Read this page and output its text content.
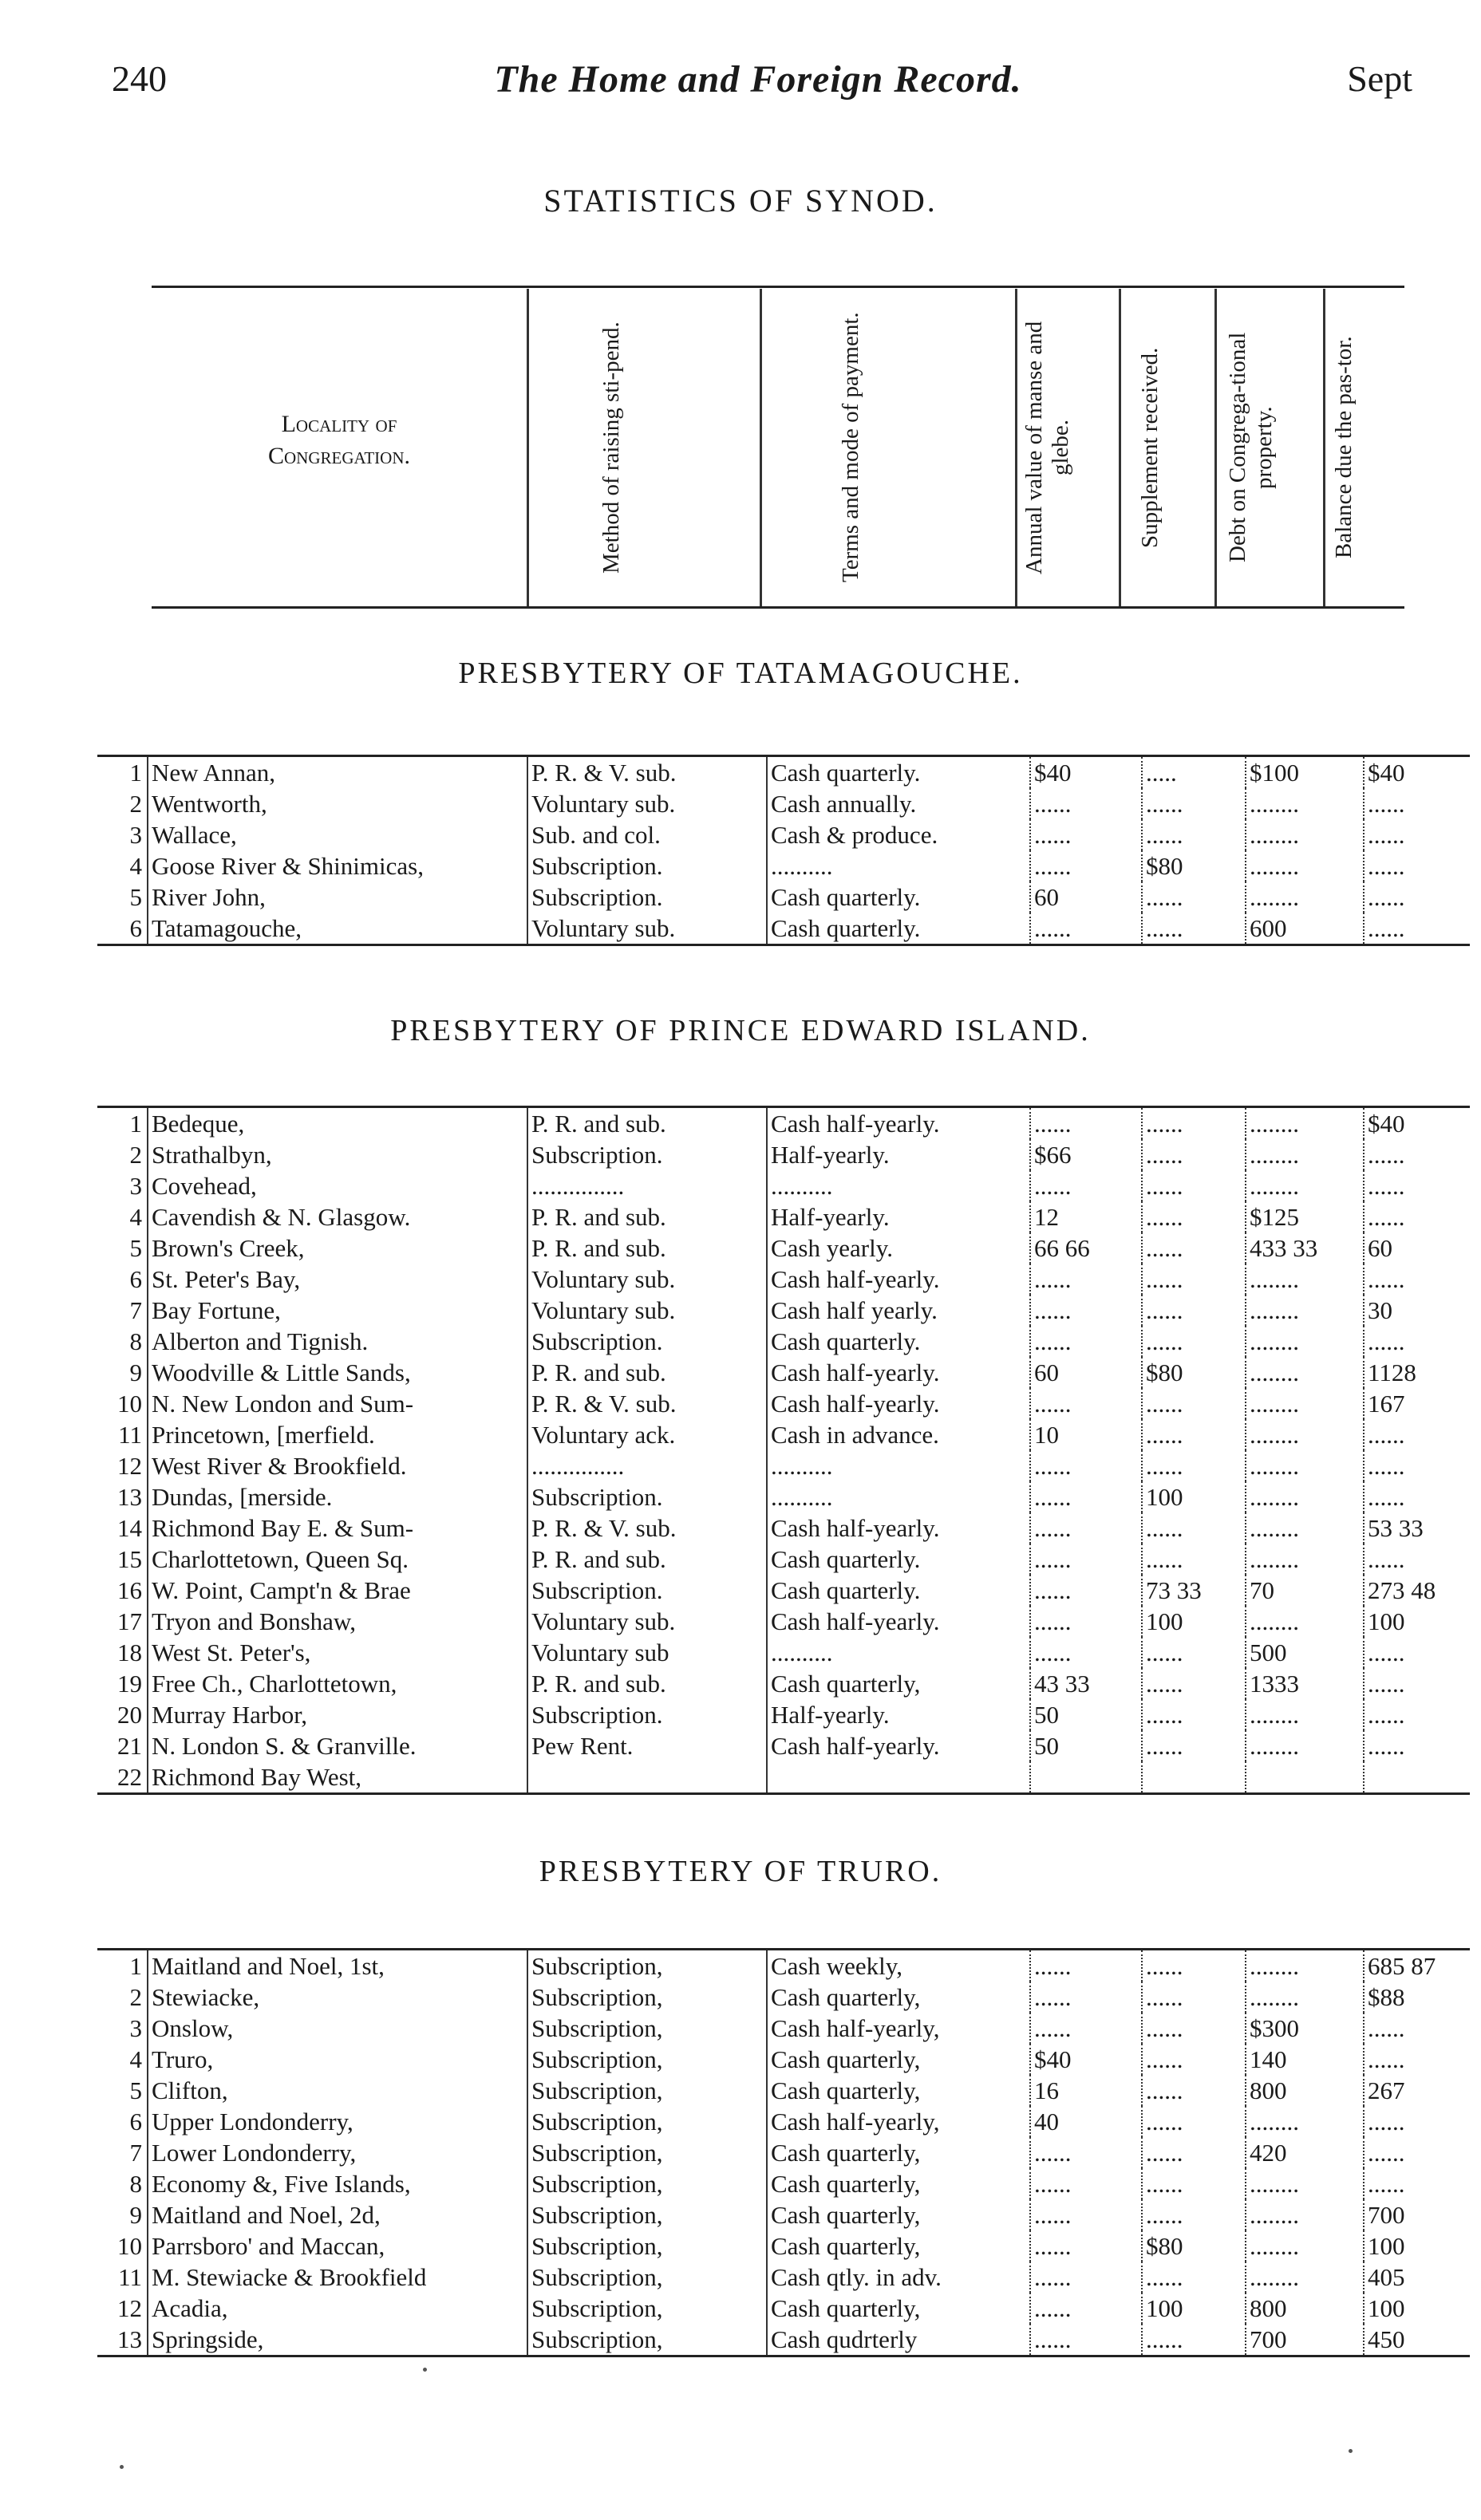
240	The Home and Foreign Record.	Sept
STATISTICS OF SYNOD.
Locality of
Congregation.	Method of raising sti-pend.	Terms and mode of payment.	Annual value of manse and glebe.	Supplement received.	Debt on Congrega-tional property.	Balance due the pas-tor.
PRESBYTERY OF TATAMAGOUCHE.
1	New Annan,	P. R. & V. sub.	Cash quarterly.	$40	.....	$100	$40
2	Wentworth,	Voluntary sub.	Cash annually.	......	......	........	......
3	Wallace,	Sub. and col.	Cash & produce.	......	......	........	......
4	Goose River & Shinimicas,	Subscription.	..........	......	$80	........	......
5	River John,	Subscription.	Cash quarterly.	60	......	........	......
6	Tatamagouche,	Voluntary sub.	Cash quarterly.	......	......	600	......
PRESBYTERY OF PRINCE EDWARD ISLAND.
1	Bedeque,	P. R. and sub.	Cash half-yearly.	......	......	........	$40
2	Strathalbyn,	Subscription.	Half-yearly.	$66	......	........	......
3	Covehead,	...............	..........	......	......	........	......
4	Cavendish & N. Glasgow.	P. R. and sub.	Half-yearly.	12	......	$125	......
5	Brown's Creek,	P. R. and sub.	Cash yearly.	66 66	......	433 33	60
6	St. Peter's Bay,	Voluntary sub.	Cash half-yearly.	......	......	........	......
7	Bay Fortune,	Voluntary sub.	Cash half yearly.	......	......	........	30
8	Alberton and Tignish.	Subscription.	Cash quarterly.	......	......	........	......
9	Woodville & Little Sands,	P. R. and sub.	Cash half-yearly.	60	$80	........	1128
10	N. New London and Sum-	P. R. & V. sub.	Cash half-yearly.	......	......	........	167
11	Princetown, [merfield.	Voluntary ack.	Cash in advance.	10	......	........	......
12	West River & Brookfield.	...............	..........	......	......	........	......
13	Dundas, [merside.	Subscription.	..........	......	100	........	......
14	Richmond Bay E. & Sum-	P. R. & V. sub.	Cash half-yearly.	......	......	........	53 33
15	Charlottetown, Queen Sq.	P. R. and sub.	Cash quarterly.	......	......	........	......
16	W. Point, Campt'n & Brae	Subscription.	Cash quarterly.	......	73 33	70	273 48
17	Tryon and Bonshaw,	Voluntary sub.	Cash half-yearly.	......	100	........	100
18	West St. Peter's,	Voluntary sub	..........	......	......	500	......
19	Free Ch., Charlottetown,	P. R. and sub.	Cash quarterly,	43 33	......	1333	......
20	Murray Harbor,	Subscription.	Half-yearly.	50	......	........	......
21	N. London S. & Granville.	Pew Rent.	Cash half-yearly.	50	......	........	......
22	Richmond Bay West,						
PRESBYTERY OF TRURO.
1	Maitland and Noel, 1st,	Subscription,	Cash weekly,	......	......	........	685 87
2	Stewiacke,	Subscription,	Cash quarterly,	......	......	........	$88
3	Onslow,	Subscription,	Cash half-yearly,	......	......	$300	......
4	Truro,	Subscription,	Cash quarterly,	$40	......	140	......
5	Clifton,	Subscription,	Cash quarterly,	16	......	800	267
6	Upper Londonderry,	Subscription,	Cash half-yearly,	40	......	........	......
7	Lower Londonderry,	Subscription,	Cash quarterly,	......	......	420	......
8	Economy &, Five Islands,	Subscription,	Cash quarterly,	......	......	........	......
9	Maitland and Noel, 2d,	Subscription,	Cash quarterly,	......	......	........	700
10	Parrsboro' and Maccan,	Subscription,	Cash quarterly,	......	$80	........	100
11	M. Stewiacke & Brookfield	Subscription,	Cash qtly. in adv.	......	......	........	405
12	Acadia,	Subscription,	Cash quarterly,	......	100	800	100
13	Springside,	Subscription,	Cash qudrterly	......	......	700	450
